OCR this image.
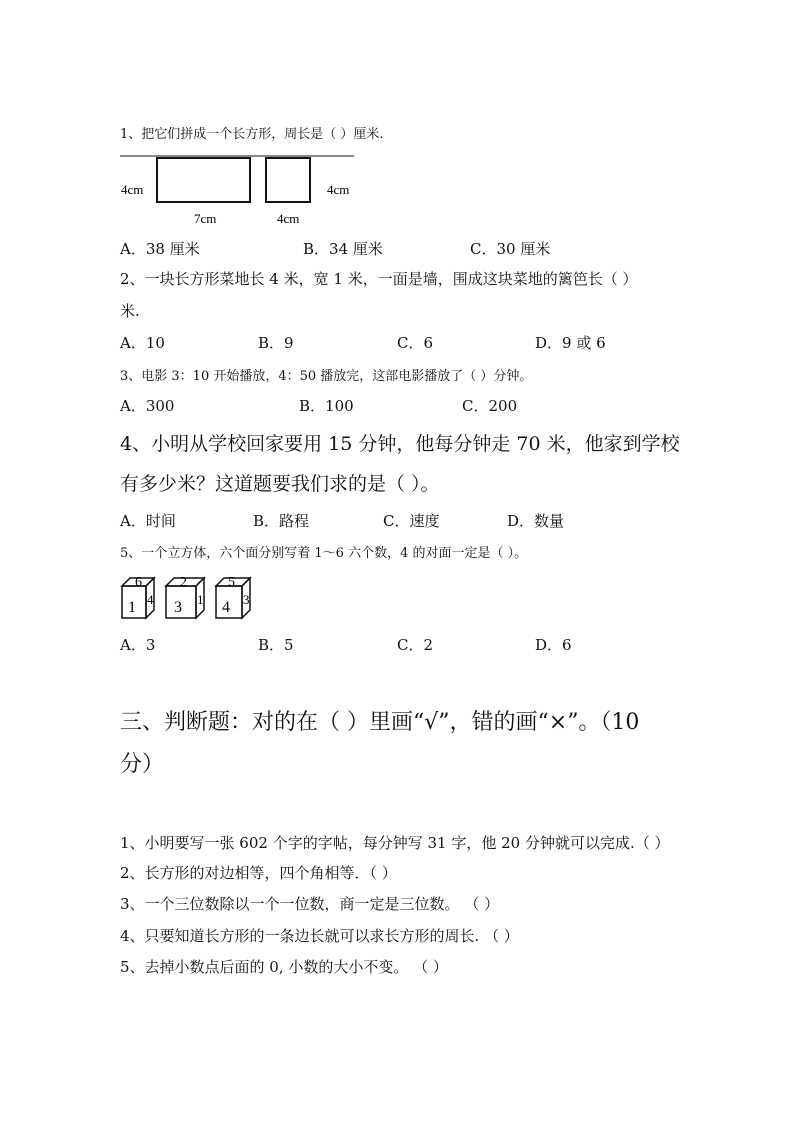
1、把它们拼成一个长方形，周长是（ ）厘米.
4cm
7cm
4cm
4cm
A．38 厘米	B．34 厘米	C．30 厘米
2、一块长方形菜地长 4 米，宽 1 米，一面是墙，围成这块菜地的篱笆长（ ）
米.
A．10	B．9	C．6	D．9 或 6
3、电影 3：10 开始播放，4：50 播放完，这部电影播放了（ ）分钟。
A．300	B．100	C．200
4、小明从学校回家要用 15 分钟，他每分钟走 70 米，他家到学校
有多少米？这道题要我们求的是（ ）。
A．时间	B．路程	C．速度	D．数量
5、一个立方体，六个面分别写着 1～6 六个数，4 的对面一定是（ ）。
1
6
4 3
2
1 4
5
3
A．3	B．5	C．2	D．6
三、判断题：对的在（ ）里画“√”，错的画“×”。（10
分）
1、小明要写一张 602 个字的字帖，每分钟写 31 字，他 20 分钟就可以完成.（ ）
2、长方形的对边相等，四个角相等．（ ）
3、一个三位数除以一个一位数，商一定是三位数。 （ ）
4、只要知道长方形的一条边长就可以求长方形的周长. （ ）
5、去掉小数点后面的 0, 小数的大小不变。 （ ）
